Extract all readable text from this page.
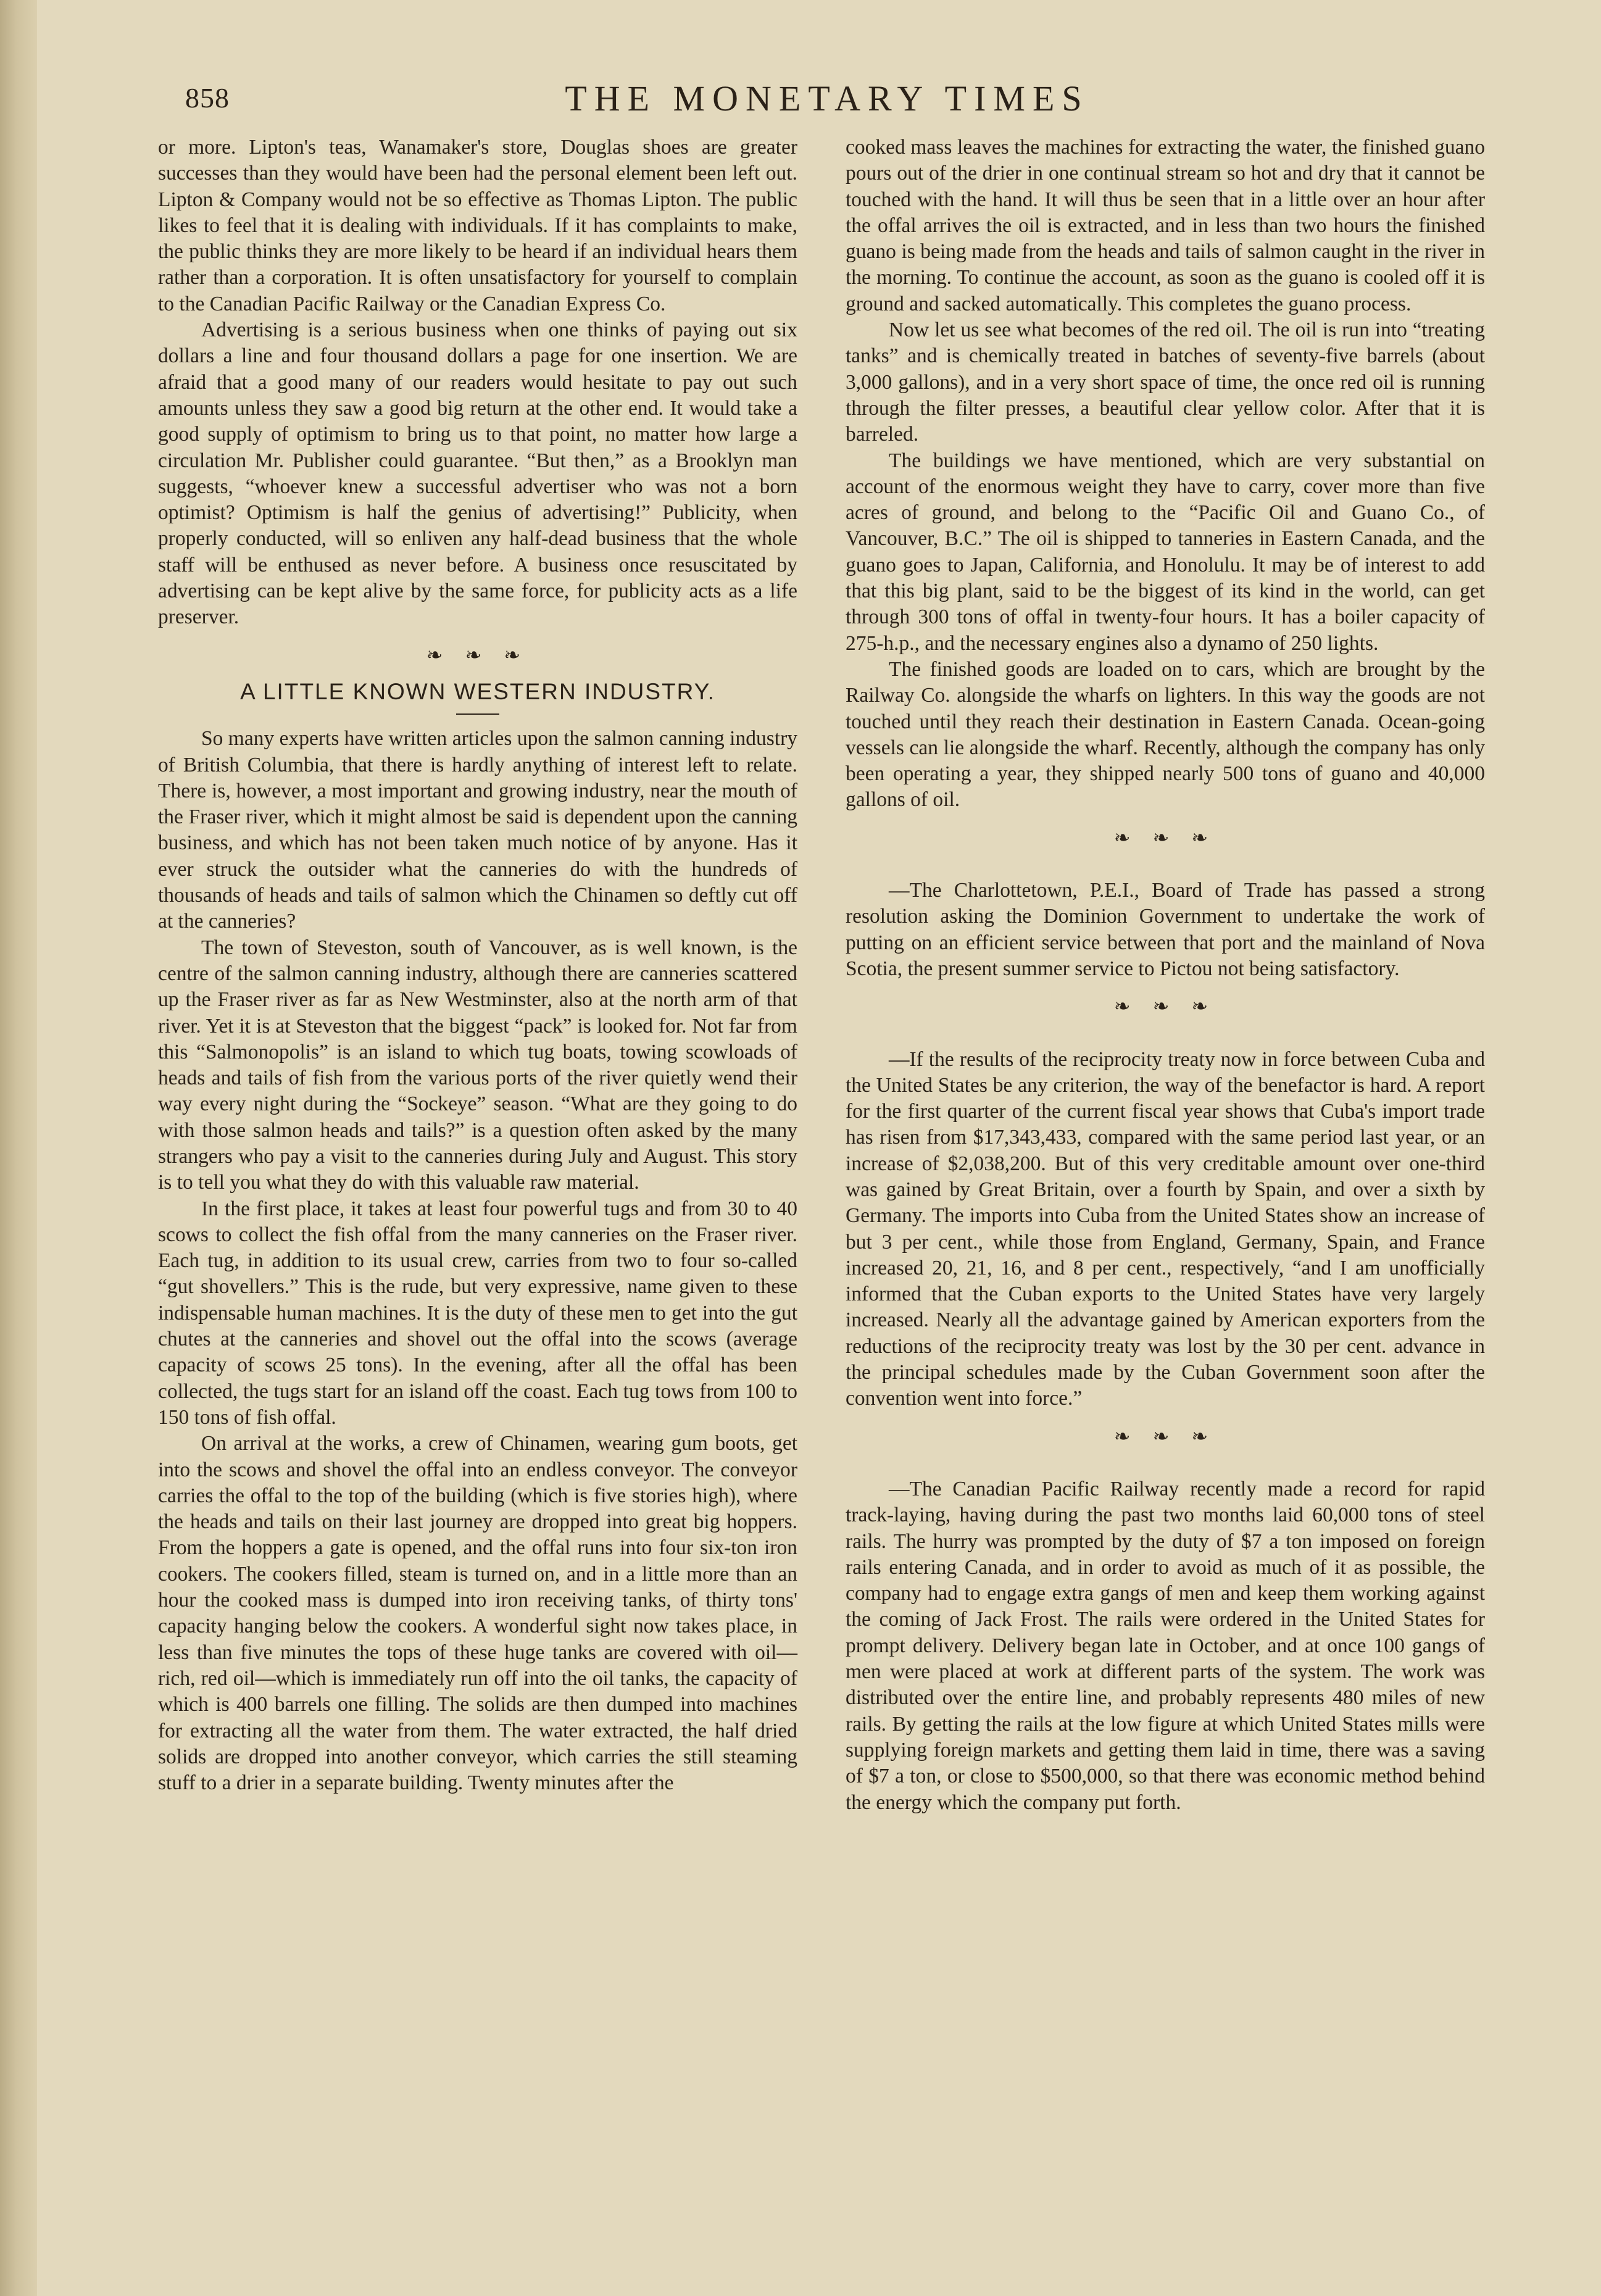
858	THE MONETARY TIMES

or more. Lipton's teas, Wanamaker's store, Douglas shoes are greater successes than they would have been had the personal element been left out. Lipton & Company would not be so effective as Thomas Lipton. The public likes to feel that it is dealing with individuals. If it has complaints to make, the public thinks they are more likely to be heard if an individual hears them rather than a corporation. It is often unsatisfactory for yourself to complain to the Canadian Pacific Railway or the Canadian Express Co.

Advertising is a serious business when one thinks of paying out six dollars a line and four thousand dollars a page for one insertion. We are afraid that a good many of our readers would hesitate to pay out such amounts unless they saw a good big return at the other end. It would take a good supply of optimism to bring us to that point, no matter how large a circulation Mr. Publisher could guarantee. “But then,” as a Brooklyn man suggests, “whoever knew a successful advertiser who was not a born optimist? Optimism is half the genius of advertising!” Publicity, when properly conducted, will so enliven any half-dead business that the whole staff will be enthused as never before. A business once resuscitated by advertising can be kept alive by the same force, for publicity acts as a life preserver.

❧ ❧ ❧
A LITTLE KNOWN WESTERN INDUSTRY.

So many experts have written articles upon the salmon canning industry of British Columbia, that there is hardly anything of interest left to relate. There is, however, a most important and growing industry, near the mouth of the Fraser river, which it might almost be said is dependent upon the canning business, and which has not been taken much notice of by anyone. Has it ever struck the outsider what the canneries do with the hundreds of thousands of heads and tails of salmon which the Chinamen so deftly cut off at the canneries?

The town of Steveston, south of Vancouver, as is well known, is the centre of the salmon canning industry, although there are canneries scattered up the Fraser river as far as New Westminster, also at the north arm of that river. Yet it is at Steveston that the biggest “pack” is looked for. Not far from this “Salmonopolis” is an island to which tug boats, towing scowloads of heads and tails of fish from the various ports of the river quietly wend their way every night during the “Sockeye” season. “What are they going to do with those salmon heads and tails?” is a question often asked by the many strangers who pay a visit to the canneries during July and August. This story is to tell you what they do with this valuable raw material.

In the first place, it takes at least four powerful tugs and from 30 to 40 scows to collect the fish offal from the many canneries on the Fraser river. Each tug, in addition to its usual crew, carries from two to four so-called “gut shovellers.” This is the rude, but very expressive, name given to these indispensable human machines. It is the duty of these men to get into the gut chutes at the canneries and shovel out the offal into the scows (average capacity of scows 25 tons). In the evening, after all the offal has been collected, the tugs start for an island off the coast. Each tug tows from 100 to 150 tons of fish offal.

On arrival at the works, a crew of Chinamen, wearing gum boots, get into the scows and shovel the offal into an endless conveyor. The conveyor carries the offal to the top of the building (which is five stories high), where the heads and tails on their last journey are dropped into great big hoppers. From the hoppers a gate is opened, and the offal runs into four six-ton iron cookers. The cookers filled, steam is turned on, and in a little more than an hour the cooked mass is dumped into iron receiving tanks, of thirty tons' capacity hanging below the cookers. A wonderful sight now takes place, in less than five minutes the tops of these huge tanks are covered with oil—rich, red oil—which is immediately run off into the oil tanks, the capacity of which is 400 barrels one filling. The solids are then dumped into machines for extracting all the water from them. The water extracted, the half dried solids are dropped into another conveyor, which carries the still steaming stuff to a drier in a separate building. Twenty minutes after the

cooked mass leaves the machines for extracting the water, the finished guano pours out of the drier in one continual stream so hot and dry that it cannot be touched with the hand. It will thus be seen that in a little over an hour after the offal arrives the oil is extracted, and in less than two hours the finished guano is being made from the heads and tails of salmon caught in the river in the morning. To continue the account, as soon as the guano is cooled off it is ground and sacked automatically. This completes the guano process.

Now let us see what becomes of the red oil. The oil is run into “treating tanks” and is chemically treated in batches of seventy-five barrels (about 3,000 gallons), and in a very short space of time, the once red oil is running through the filter presses, a beautiful clear yellow color. After that it is barreled.

The buildings we have mentioned, which are very substantial on account of the enormous weight they have to carry, cover more than five acres of ground, and belong to the “Pacific Oil and Guano Co., of Vancouver, B.C.” The oil is shipped to tanneries in Eastern Canada, and the guano goes to Japan, California, and Honolulu. It may be of interest to add that this big plant, said to be the biggest of its kind in the world, can get through 300 tons of offal in twenty-four hours. It has a boiler capacity of 275-h.p., and the necessary engines also a dynamo of 250 lights.

The finished goods are loaded on to cars, which are brought by the Railway Co. alongside the wharfs on lighters. In this way the goods are not touched until they reach their destination in Eastern Canada. Ocean-going vessels can lie alongside the wharf. Recently, although the company has only been operating a year, they shipped nearly 500 tons of guano and 40,000 gallons of oil.

❧ ❧ ❧

—The Charlottetown, P.E.I., Board of Trade has passed a strong resolution asking the Dominion Government to undertake the work of putting on an efficient service between that port and the mainland of Nova Scotia, the present summer service to Pictou not being satisfactory.

❧ ❧ ❧

—If the results of the reciprocity treaty now in force between Cuba and the United States be any criterion, the way of the benefactor is hard. A report for the first quarter of the current fiscal year shows that Cuba's import trade has risen from $17,343,433, compared with the same period last year, or an increase of $2,038,200. But of this very creditable amount over one-third was gained by Great Britain, over a fourth by Spain, and over a sixth by Germany. The imports into Cuba from the United States show an increase of but 3 per cent., while those from England, Germany, Spain, and France increased 20, 21, 16, and 8 per cent., respectively, “and I am unofficially informed that the Cuban exports to the United States have very largely increased. Nearly all the advantage gained by American exporters from the reductions of the reciprocity treaty was lost by the 30 per cent. advance in the principal schedules made by the Cuban Government soon after the convention went into force.”

❧ ❧ ❧

—The Canadian Pacific Railway recently made a record for rapid track-laying, having during the past two months laid 60,000 tons of steel rails. The hurry was prompted by the duty of $7 a ton imposed on foreign rails entering Canada, and in order to avoid as much of it as possible, the company had to engage extra gangs of men and keep them working against the coming of Jack Frost. The rails were ordered in the United States for prompt delivery. Delivery began late in October, and at once 100 gangs of men were placed at work at different parts of the system. The work was distributed over the entire line, and probably represents 480 miles of new rails. By getting the rails at the low figure at which United States mills were supplying foreign markets and getting them laid in time, there was a saving of $7 a ton, or close to $500,000, so that there was economic method behind the energy which the company put forth.
